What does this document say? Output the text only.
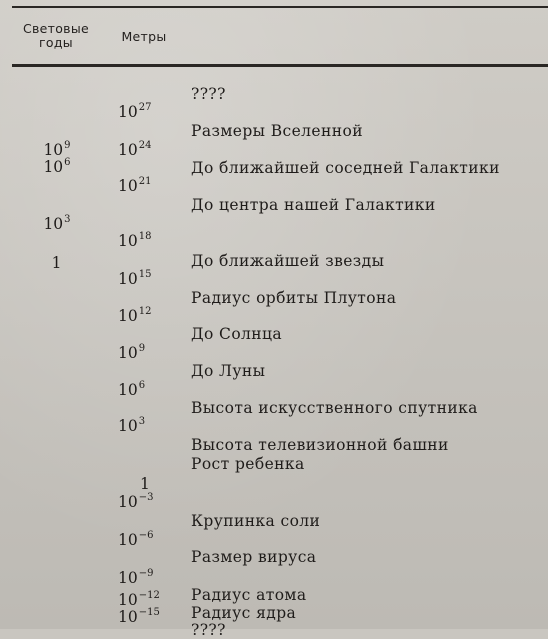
Световые
годы	Метры
$10^9$
$10^6$
$10^3$
1
$10^{27}$
$10^{24}$
$10^{21}$
$10^{18}$
$10^{15}$
$10^{12}$
$10^9$
$10^6$
$10^3$
1
$10^{-3}$
$10^{-6}$
$10^{-9}$
$10^{-12}$
$10^{-15}$
????
Размеры Вселенной
До ближайшей соседней Галактики
До центра нашей Галактики
До ближайшей звезды
Радиус орбиты Плутона
До Солнца
До Луны
Высота искусственного спутника
Высота телевизионной башни
Рост ребенка
Крупинка соли
Размер вируса
Радиус атома
Радиус ядра
????
